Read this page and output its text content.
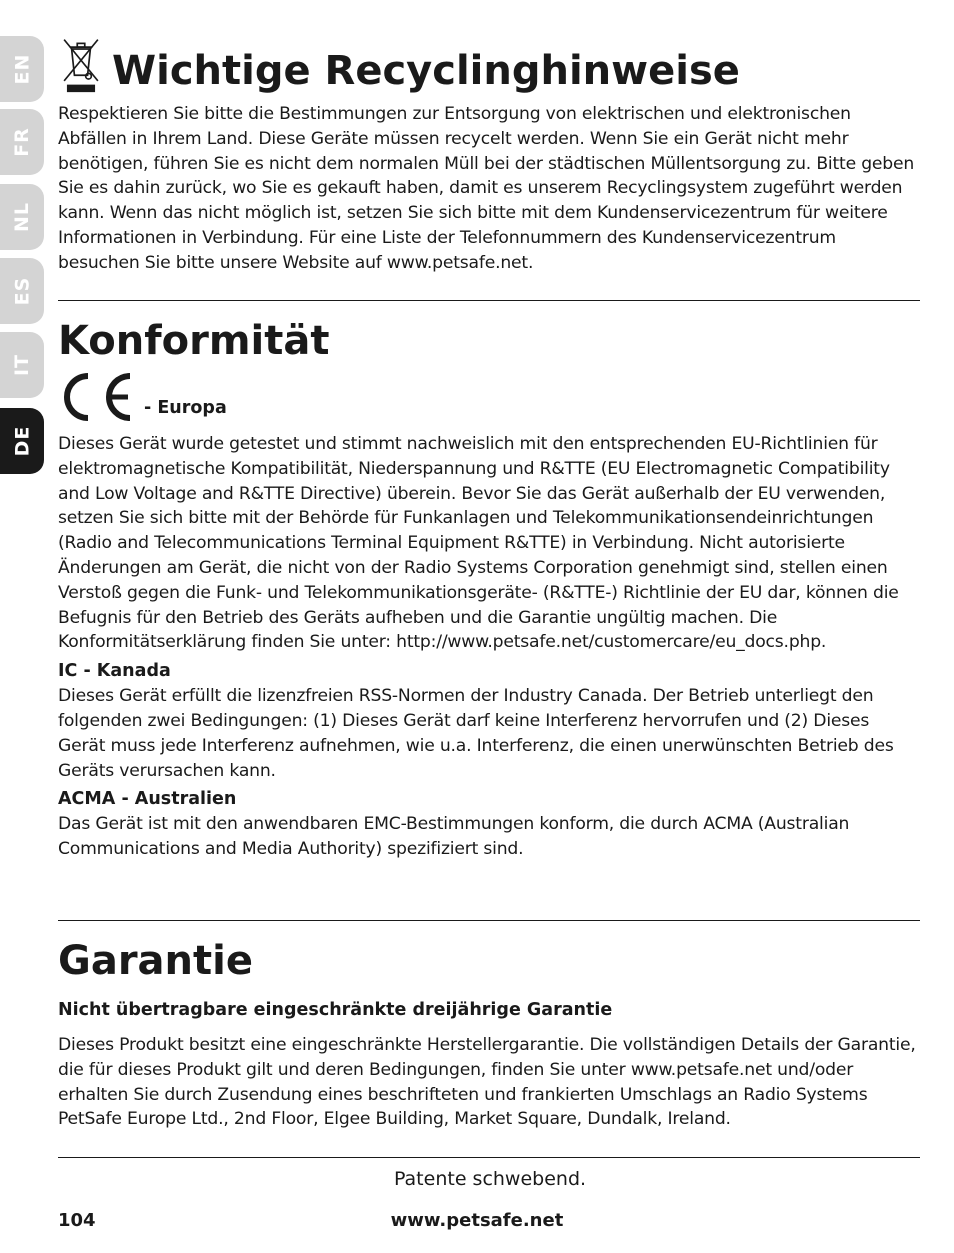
EN
FR
NL
ES
IT
DE
Wichtige Recyclinghinweise

Respektieren Sie bitte die Bestimmungen zur Entsorgung von elektrischen und elektronischen Abfällen in Ihrem Land. Diese Geräte müssen recycelt werden. Wenn Sie ein Gerät nicht mehr benötigen, führen Sie es nicht dem normalen Müll bei der städtischen Müllentsorgung zu. Bitte geben Sie es dahin zurück, wo Sie es gekauft haben, damit es unserem Recyclingsystem zugeführt werden kann. Wenn das nicht möglich ist, setzen Sie sich bitte mit dem Kundenservicezentrum für weitere Informationen in Verbindung. Für eine Liste der Telefonnummern des Kundenservicezentrum besuchen Sie bitte unsere Website auf www.petsafe.net.

Konformität
- Europa

Dieses Gerät wurde getestet und stimmt nachweislich mit den entsprechenden EU-Richtlinien für elektromagnetische Kompatibilität, Niederspannung und R&TTE (EU Electromagnetic Compatibility and Low Voltage and R&TTE Directive) überein. Bevor Sie das Gerät außerhalb der EU verwenden, setzen Sie sich bitte mit der Behörde für Funkanlagen und Telekommunikationsendeinrichtungen (Radio and Telecommunications Terminal Equipment R&TTE) in Verbindung. Nicht autorisierte Änderungen am Gerät, die nicht von der Radio Systems Corporation genehmigt sind, stellen einen Verstoß gegen die Funk- und Telekommunikationsgeräte- (R&TTE-) Richtlinie der EU dar, können die Befugnis für den Betrieb des Geräts aufheben und die Garantie ungültig machen. Die Konformitätserklärung finden Sie unter: http://www.petsafe.net/customercare/eu_docs.php.

IC - Kanada

Dieses Gerät erfüllt die lizenzfreien RSS-Normen der Industry Canada. Der Betrieb unterliegt den folgenden zwei Bedingungen: (1) Dieses Gerät darf keine Interferenz hervorrufen und (2) Dieses Gerät muss jede Interferenz aufnehmen, wie u.a. Interferenz, die einen unerwünschten Betrieb des Geräts verursachen kann.

ACMA - Australien

Das Gerät ist mit den anwendbaren EMC-Bestimmungen konform, die durch ACMA (Australian Communications and Media Authority) spezifiziert sind.

Garantie

Nicht übertragbare eingeschränkte dreijährige Garantie

Dieses Produkt besitzt eine eingeschränkte Herstellergarantie. Die vollständigen Details der Garantie, die für dieses Produkt gilt und deren Bedingungen, finden Sie unter www.petsafe.net und/oder erhalten Sie durch Zusendung eines beschrifteten und frankierten Umschlags an Radio Systems PetSafe Europe Ltd., 2nd Floor, Elgee Building, Market Square, Dundalk, Ireland.

Patente schwebend.
104	www.petsafe.net
